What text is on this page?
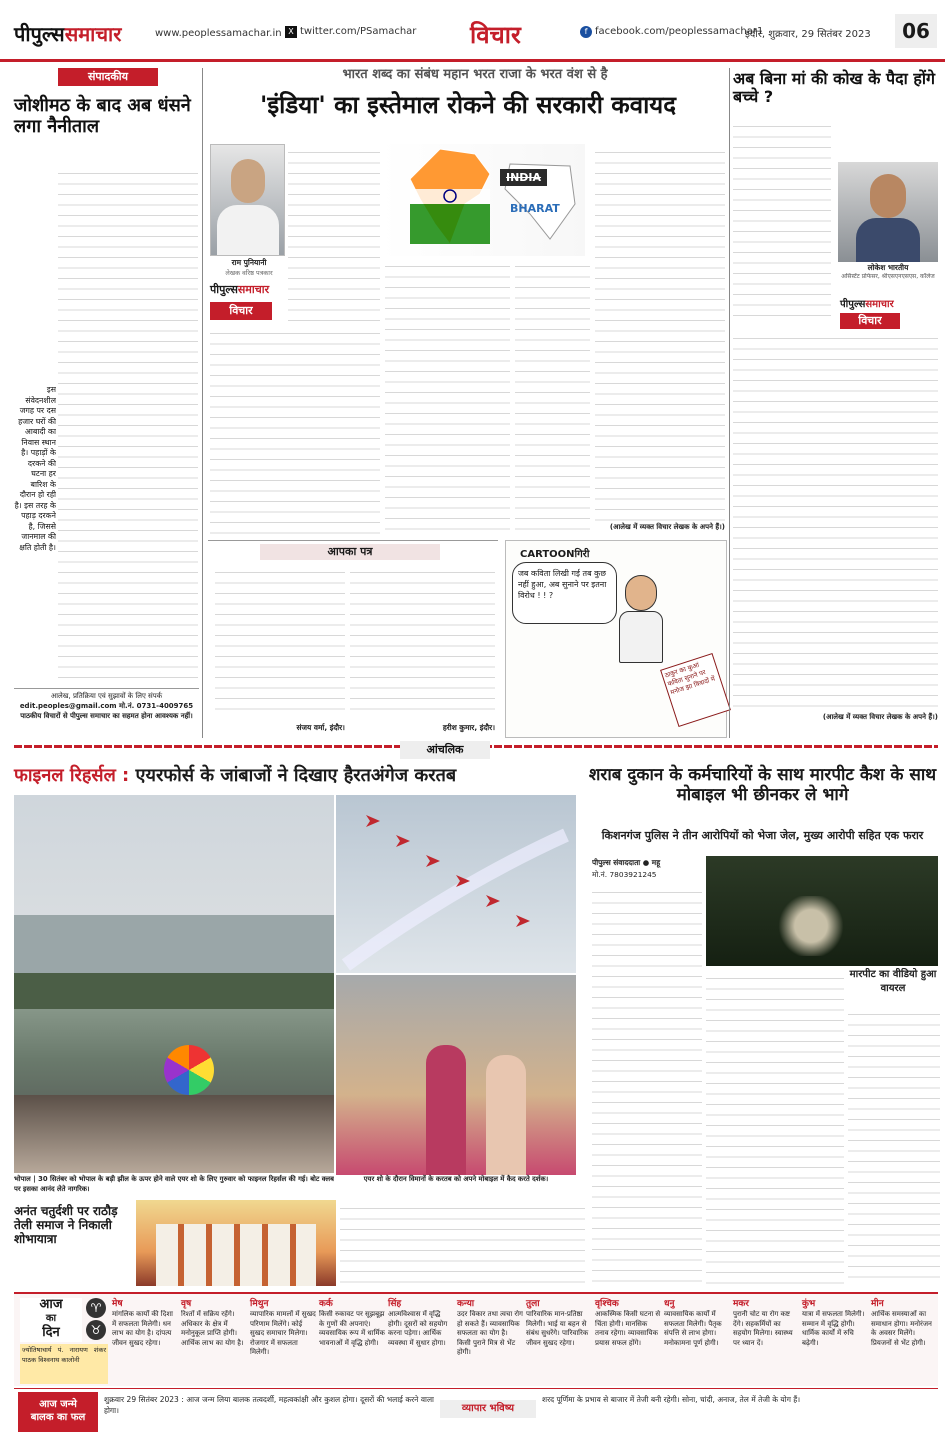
पीपुल्ससमाचार	www.peoplessamachar.in X twitter.com/PSamachar विचार	f facebook.com/peoplessamachar1
इंदौर, शुक्रवार, 29 सितंबर 2023	06
संपादकीय
जोशीमठ के बाद अब धंसने लगा नैनीताल
इस संवेदनशील जगह पर दस हजार घरों की आबादी का निवास स्थान है। पहाड़ों के दरकने की घटना हर बारिश के दौरान हो रही है। इस तरह के पहाड़ दरकने है, जिससे जानमाल की क्षति होती है।
आलेख, प्रतिक्रिया एवं सुझावों के लिए संपर्क
edit.peoples@gmail.com मो.नं. 0731-4009765
पाठकीय विचारों से पीपुल्स समाचार का सहमत होना आवश्यक नहीं।
भारत शब्द का संबंध महान भरत राजा के भरत वंश से है
'इंडिया' का इस्तेमाल रोकने की सरकारी कवायद
राम पुनियानी
लेखक वरिष्ठ पत्रकार
पीपुल्ससमाचार
विचार
INDIA
BHARAT
(आलेख में व्यक्त विचार लेखक के अपने हैं।)
आपका पत्र
संजय वर्मा, इंदौर।	हरीश कुमार, इंदौर।
CARTOONगिरी
जब कविता लिखी गई तब कुछ नहीं हुआ, अब सुनाने पर इतना विरोध ! ! ?
ठाकुर का कुआं कविता सुनाने पर मनोज झा विवादों में
अब बिना मां की कोख के पैदा होंगे बच्चे ?
लोकेश भारतीय
असिस्टेंट प्रोफेसर, श्रीएसएनएसएस, कॉलेज
पीपुल्ससमाचार
विचार
(आलेख में व्यक्त विचार लेखक के अपने हैं।)
आंचलिक
फाइनल रिहर्सल : एयरफोर्स के जांबाजों ने दिखाए हैरतअंगेज करतब
भोपाल | 30 सितंबर को भोपाल के बड़ी झील के ऊपर होने वाले एयर शो के लिए गुरुवार को फाइनल रिहर्सल की गई। बोट क्लब पर इसका आनंद लेते नागरिक।
एयर शो के दौरान विमानों के करतब को अपने मोबाइल में कैद करते दर्शक।
शराब दुकान के कर्मचारियों के साथ मारपीट कैश के साथ मोबाइल भी छीनकर ले भागे
किशनगंज पुलिस ने तीन आरोपियों को भेजा जेल, मुख्य आरोपी सहित एक फरार
पीपुल्स संवाददाता ● महू
मो.नं. 7803921245
मारपीट का वीडियो हुआ वायरल
अनंत चतुर्दशी पर राठौड़ तेली समाज ने निकाली शोभायात्रा
आज
का
दिन
ज्योतिषाचार्य पं. नारायण शंकर पाठक विश्वनाथ कालोनी
♈
♉
मेष
मांगलिक कार्यों की दिशा में सफलता मिलेगी। धन लाभ का योग है। दांपत्य जीवन सुखद रहेगा।
वृष
रिश्तों में सक्रिय रहेंगे। अधिकार के क्षेत्र में मनोनुकूल प्राप्ति होगी। आर्थिक लाभ का योग है।
मिथुन
व्यापारिक मामलों में सुखद परिणाम मिलेंगे। कोई सुखद समाचार मिलेगा। रोजगार में सफलता मिलेगी।
कर्क
किसी रुकावट पर सूझबूझ के गुणों की अपनाएं। व्यवसायिक रूप में धार्मिक भावनाओं में वृद्धि होगी।
सिंह
आत्मविश्वास में वृद्धि होगी। दूसरों को सहयोग करना पड़ेगा। आर्थिक व्यवस्था में सुधार होगा।
कन्या
उदर विकार तथा त्वचा रोग हो सकते हैं। व्यावसायिक सफलता का योग है। किसी पुराने मित्र से भेंट होगी।
तुला
पारिवारिक मान-प्रतिष्ठा मिलेगी। भाई या बहन से संबंध सुधरेंगे। पारिवारिक जीवन सुखद रहेगा।
वृश्चिक
आकस्मिक किसी घटना से चिंता होगी। मानसिक तनाव रहेगा। व्यावसायिक प्रयास सफल होंगे।
धनु
व्यावसायिक कार्यों में सफलता मिलेगी। पैतृक संपत्ति से लाभ होगा। मनोकामना पूर्ण होगी।
मकर
पुरानी चोट या रोग कष्ट देंगे। सहकर्मियों का सहयोग मिलेगा। स्वास्थ्य पर ध्यान दें।
कुंभ
यात्रा में सफलता मिलेगी। सम्मान में वृद्धि होगी। धार्मिक कार्यों में रुचि बढ़ेगी।
मीन
आर्थिक समस्याओं का समाधान होगा। मनोरंजन के अवसर मिलेंगे। प्रियजनों से भेंट होगी।
आज जन्मे
बालक का फल
शुक्रवार 29 सितंबर 2023 : आज जन्म लिया बालक तत्वदर्शी, महत्वकांक्षी और कुशल होगा। दूसरों की भलाई करने वाला होगा।	व्यापार भविष्य
शरद पूर्णिमा के प्रभाव से बाजार में तेजी बनी रहेगी। सोना, चांदी, अनाज, तेल में तेजी के योग हैं।
